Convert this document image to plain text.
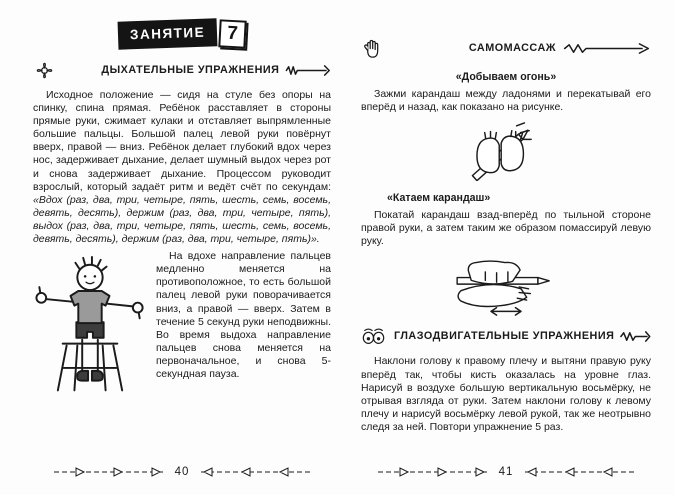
ЗАНЯТИЕ	7
ДЫХАТЕЛЬНЫЕ УПРАЖНЕНИЯ

Исходное положение — сидя на стуле без опоры на спинку, спина прямая. Ребёнок расставляет в стороны прямые руки, сжимает кулаки и отставляет выпрямленные большие пальцы. Большой палец левой руки повёрнут вверх, правой — вниз. Ребёнок делает глубокий вдох через нос, задерживает дыхание, делает шумный выдох через рот и снова задерживает дыхание. Процессом руководит взрослый, который задаёт ритм и ведёт счёт по секундам: «Вдох (раз, два, три, четыре, пять, шесть, семь, восемь, девять, десять), держим (раз, два, три, четыре, пять), выдох (раз, два, три, четыре, пять, шесть, семь, восемь, девять, десять), держим (раз, два, три, четыре, пять)».

На вдохе направление пальцев медленно меняется на противоположное, то есть большой палец левой руки поворачивается вниз, а правой — вверх. Затем в течение 5 секунд руки неподвижны. Во время выдоха направление пальцев снова меняется на первоначальное, и снова 5-секундная пауза.

40
САМОМАССАЖ
«Добываем огонь»

Зажми карандаш между ладонями и перекатывай его вперёд и назад, как показано на рисунке.

«Катаем карандаш»

Покатай карандаш взад-вперёд по тыльной стороне правой руки, а затем таким же образом помассируй левую руку.

ГЛАЗОДВИГАТЕЛЬНЫЕ УПРАЖНЕНИЯ

Наклони голову к правому плечу и вытяни правую руку вперёд так, чтобы кисть оказалась на уровне глаз. Нарисуй в воздухе большую вертикальную восьмёрку, не отрывая взгляда от руки. Затем наклони голову к левому плечу и нарисуй восьмёрку левой рукой, так же неотрывно следя за ней. Повтори упражнение 5 раз.

41
